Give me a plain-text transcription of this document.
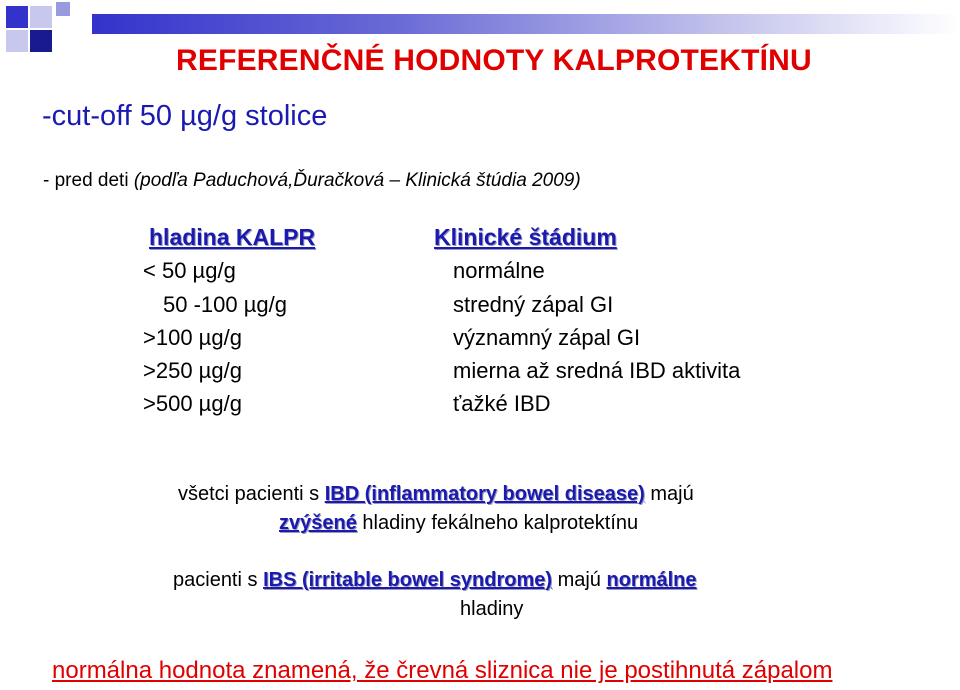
REFERENČNÉ HODNOTY KALPROTEKTÍNU
-cut-off 50 µg/g stolice
- pred deti (podľa Paduchová,Ďuračková – Klinická štúdia 2009)
hladina KALPR	Klinické štádium
< 50 µg/g	normálne
50 -100 µg/g	stredný zápal GI
>100 µg/g	významný zápal GI
>250 µg/g	mierna až sredná IBD aktivita
>500 µg/g	ťažké IBD
všetci pacienti s IBD (inflammatory bowel disease) majú
zvýšené hladiny fekálneho kalprotektínu
pacienti s IBS (irritable bowel syndrome) majú normálne
hladiny
normálna hodnota znamená, že črevná sliznica nie je postihnutá zápalom
